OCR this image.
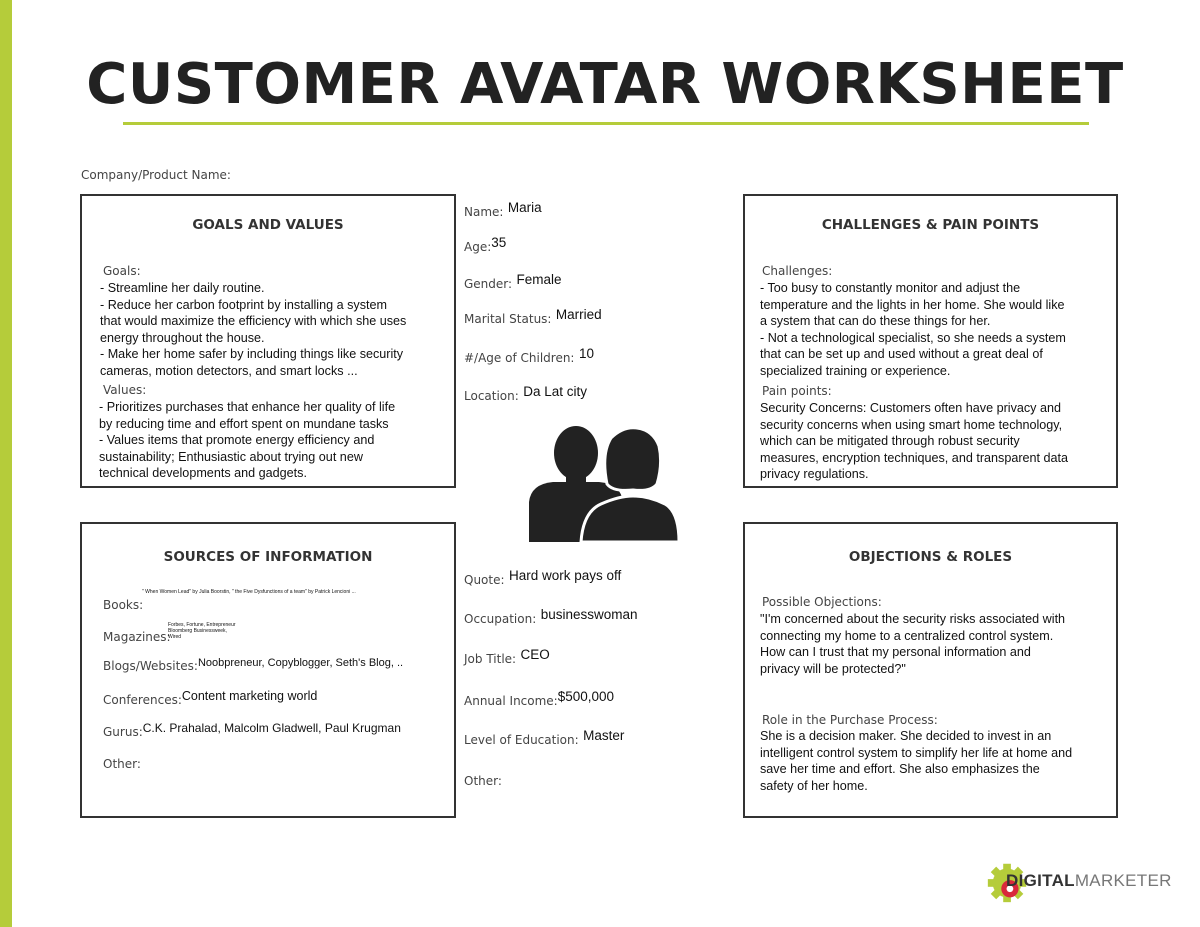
CUSTOMER AVATAR WORKSHEET
Company/Product Name:
GOALS AND VALUES
Goals:
- Streamline her daily routine.
- Reduce her carbon footprint by installing a system
that would maximize the efficiency with which she uses
energy throughout the house.
- Make her home safer by including things like security
cameras, motion detectors, and smart locks ...
Values:
- Prioritizes purchases that enhance her quality of life
by reducing time and effort spent on mundane tasks
- Values items that promote energy efficiency and
sustainability; Enthusiastic about trying out new
technical developments and gadgets.
Name: $^{Maria}$
Age:$^{35}$
Gender: $^{Female}$
Marital Status: $^{Married}$
#/Age of Children: $^{10}$
Location: $^{Da Lat city}$
CHALLENGES & PAIN POINTS
Challenges:
- Too busy to constantly monitor and adjust the
temperature and the lights in her home. She would like
a system that can do these things for her.
- Not a technological specialist, so she needs a system
that can be set up and used without a great deal of
specialized training or experience.
Pain points:
Security Concerns: Customers often have privacy and
security concerns when using smart home technology,
which can be mitigated through robust security
measures, encryption techniques, and transparent data
privacy regulations.
SOURCES OF INFORMATION
" When Women Lead" by Julia Boorstin, " the Five Dysfunctions of a team" by Patrick Lencioni ...
Books:
Magazines:
Forbes, Fortune, Entrepreneur
Bloomberg Businessweek,
Wired
Blogs/Websites:$^{Noobpreneur, Copyblogger, Seth's Blog, ..}$
Conferences:$^{Content marketing world}$
Gurus:$^{C.K. Prahalad, Malcolm Gladwell, Paul Krugman}$
Other:
Quote: $^{Hard work pays off}$
Occupation: $^{businesswoman}$
Job Title: $^{CEO}$
Annual Income:$^{\$500,000}$
Level of Education: $^{Master}$
Other:
OBJECTIONS & ROLES
Possible Objections:
"I'm concerned about the security risks associated with
connecting my home to a centralized control system.
How can I trust that my personal information and
privacy will be protected?"
Role in the Purchase Process:
She is a decision maker. She decided to invest in an
intelligent control system to simplify her life at home and
save her time and effort. She also emphasizes the
safety of her home.
DIGITALMARKETER
